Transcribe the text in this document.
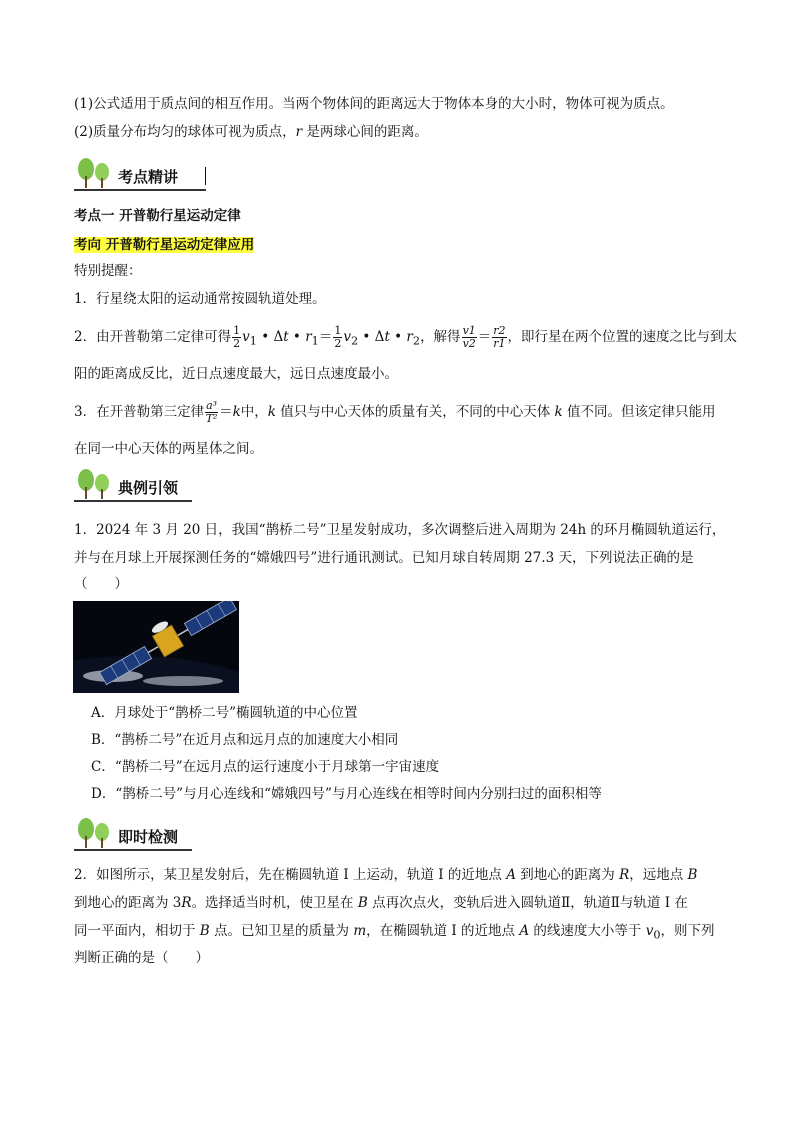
(1)公式适用于质点间的相互作用。当两个物体间的距离远大于物体本身的大小时，物体可视为质点。
(2)质量分布均匀的球体可视为质点，r 是两球心间的距离。
考点精讲
考点一 开普勒行星运动定律
考向 开普勒行星运动定律应用
特别提醒：
1．行星绕太阳的运动通常按圆轨道处理。
2．由开普勒第二定律可得 $\frac{1}{2} v_1$ • Δt • $r_1= \frac{1}{2} v_2$ • Δt • $r_2$，解得 $\frac{v1}{v2} = \frac{r2}{r1}$ ，即行星在两个位置的速度之比与到太
阳的距离成反比，近日点速度最大，远日点速度最小。
3．在开普勒第三定律 $\frac{\text{a³}}{\text{T²}} =k$中，k 值只与中心天体的质量有关，不同的中心天体 k 值不同。但该定律只能用
在同一中心天体的两星体之间。
典例引领
1．2024 年 3 月 20 日，我国“鹊桥二号”卫星发射成功，多次调整后进入周期为 24h 的环月椭圆轨道运行，
并与在月球上开展探测任务的“嫦娥四号”进行通讯测试。已知月球自转周期 27.3 天，下列说法正确的是
（　　）
A．月球处于“鹊桥二号”椭圆轨道的中心位置
B．“鹊桥二号”在近月点和远月点的加速度大小相同
C．“鹊桥二号”在远月点的运行速度小于月球第一宇宙速度
D．“鹊桥二号”与月心连线和“嫦娥四号”与月心连线在相等时间内分别扫过的面积相等
即时检测
2．如图所示，某卫星发射后，先在椭圆轨道 Ⅰ 上运动，轨道 Ⅰ 的近地点 A 到地心的距离为 R，远地点 B
到地心的距离为 3R。选择适当时机，使卫星在 B 点再次点火，变轨后进入圆轨道Ⅱ，轨道Ⅱ与轨道 Ⅰ 在
同一平面内，相切于 B 点。已知卫星的质量为 m，在椭圆轨道 Ⅰ 的近地点 A 的线速度大小等于 $v_0$，则下列
判断正确的是（　　）
